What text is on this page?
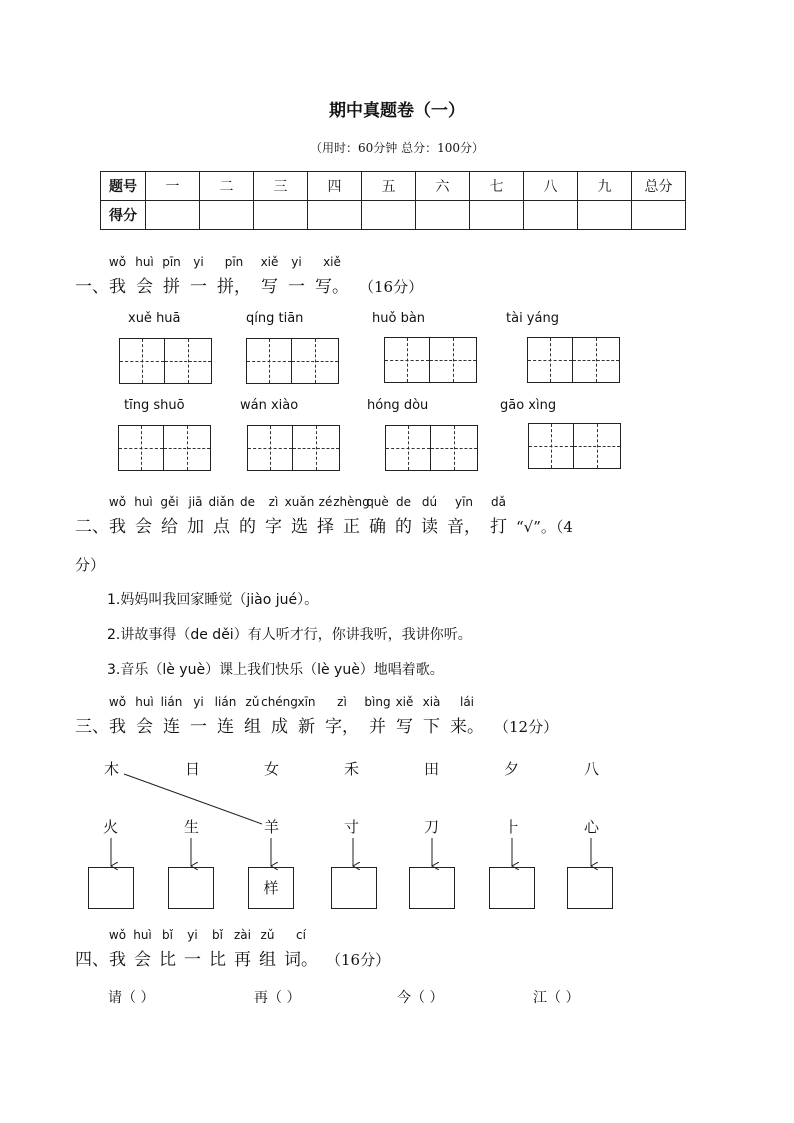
期中真题卷（一）
（用时：60分钟 总分：100分）
题号	一	二	三	四	五	六	七	八	九	总分
得分										
一、
wǒ
我
huì
会
pīn
拼
yi
一
pīn
拼，
xiě
写
yi
一
xiě
写。 （16分）
xuě huā	qíng tiān	huǒ bàn	tài yáng
tīng shuō	wán xiào	hóng dòu	gāo xìng
二、
wǒ
我
huì
会
gěi
给
jiā
加
diǎn
点
de
的
zì
字
xuǎn
选
zé
择
zhèng
正
què
确
de
的
dú
读
yīn
音，
dǎ
打 “√”。（4
分）
1.妈妈叫我回家睡觉（jiào jué）。
2.讲故事得（de děi）有人听才行，你讲我听，我讲你听。
3.音乐（lè yuè）课上我们快乐（lè yuè）地唱着歌。
三、
wǒ
我
huì
会
lián
连
yi
一
lián
连
zǔ
组
chéng
成
xīn
新
zì
字，
bìng
并
xiě
写
xià
下
lái
来。 （12分）
木	日	女	禾	田	夕	八
火	生	羊	寸	刀	⺊	心
样
四、
wǒ
我
huì
会
bǐ
比
yi
一
bǐ
比
zài
再
zǔ
组
cí
词。 （16分）
请（ ）	再（ ）	今（ ）	江（ ）
